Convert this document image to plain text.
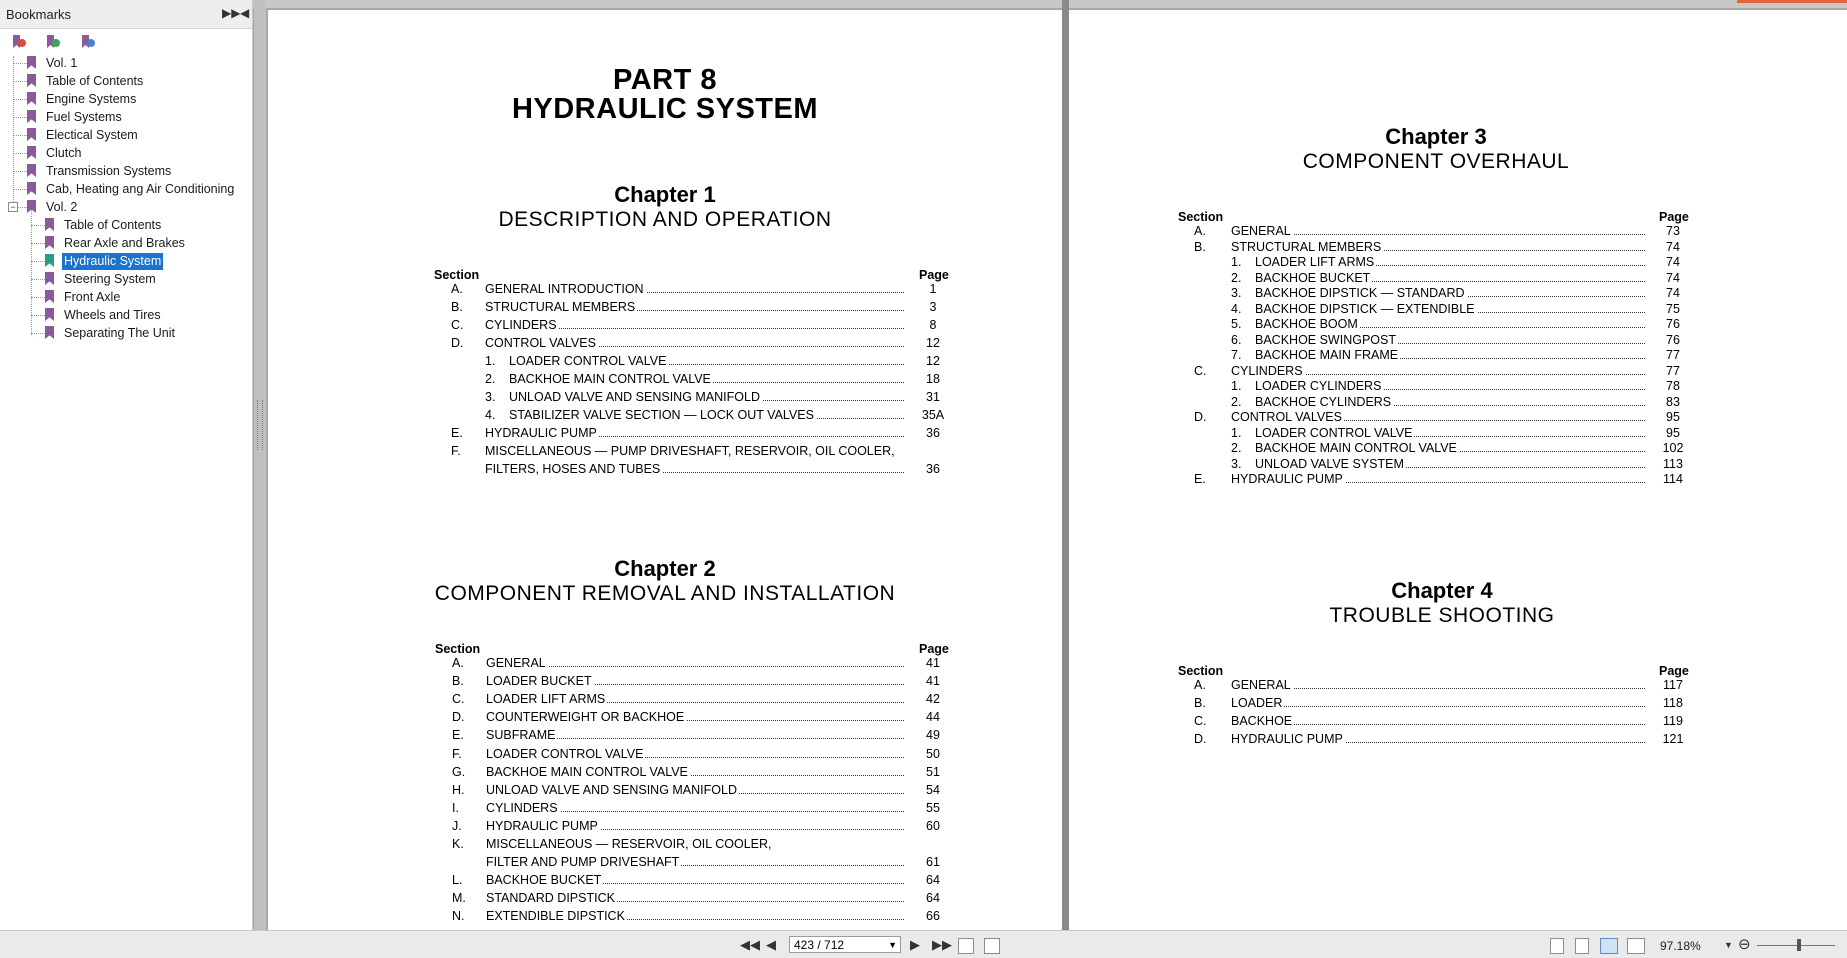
Bookmarks	▶▶ ◀
Vol. 1
Table of Contents
Engine Systems
Fuel Systems
Electical System
Clutch
Transmission Systems
Cab, Heating ang Air Conditioning
Vol. 2
−
Table of Contents
Rear Axle and Brakes
Hydraulic System
Steering System
Front Axle
Wheels and Tires
Separating The Unit
PART 8
HYDRAULIC SYSTEM
Chapter 1
DESCRIPTION AND OPERATION
Section	Page
A.	GENERAL INTRODUCTION	1
B.	STRUCTURAL MEMBERS	3
C.	CYLINDERS	8
D.	CONTROL VALVES	12
1.	LOADER CONTROL VALVE	12
2.	BACKHOE MAIN CONTROL VALVE	18
3.	UNLOAD VALVE AND SENSING MANIFOLD	31
4.	STABILIZER VALVE SECTION — LOCK OUT VALVES	35A
E.	HYDRAULIC PUMP	36
F.	MISCELLANEOUS — PUMP DRIVESHAFT, RESERVOIR, OIL COOLER,
FILTERS, HOSES AND TUBES	36
Chapter 2
COMPONENT REMOVAL AND INSTALLATION
Section	Page
A.	GENERAL	41
B.	LOADER BUCKET	41
C.	LOADER LIFT ARMS	42
D.	COUNTERWEIGHT OR BACKHOE	44
E.	SUBFRAME	49
F.	LOADER CONTROL VALVE	50
G.	BACKHOE MAIN CONTROL VALVE	51
H.	UNLOAD VALVE AND SENSING MANIFOLD	54
I.	CYLINDERS	55
J.	HYDRAULIC PUMP	60
K.	MISCELLANEOUS — RESERVOIR, OIL COOLER,
FILTER AND PUMP DRIVESHAFT	61
L.	BACKHOE BUCKET	64
M.	STANDARD DIPSTICK	64
N.	EXTENDIBLE DIPSTICK	66
Chapter 3
COMPONENT OVERHAUL
Section	Page
A.	GENERAL	73
B.	STRUCTURAL MEMBERS	74
1.	LOADER LIFT ARMS	74
2.	BACKHOE BUCKET	74
3.	BACKHOE DIPSTICK — STANDARD	74
4.	BACKHOE DIPSTICK — EXTENDIBLE	75
5.	BACKHOE BOOM	76
6.	BACKHOE SWINGPOST	76
7.	BACKHOE MAIN FRAME	77
C.	CYLINDERS	77
1.	LOADER CYLINDERS	78
2.	BACKHOE CYLINDERS	83
D.	CONTROL VALVES	95
1.	LOADER CONTROL VALVE	95
2.	BACKHOE MAIN CONTROL VALVE	102
3.	UNLOAD VALVE SYSTEM	113
E.	HYDRAULIC PUMP	114
Chapter 4
TROUBLE SHOOTING
Section	Page
A.	GENERAL	117
B.	LOADER	118
C.	BACKHOE	119
D.	HYDRAULIC PUMP	121
◀◀ ◀	423 / 712	▼ ▶ ▶▶	97.18%	▼ ⊖
